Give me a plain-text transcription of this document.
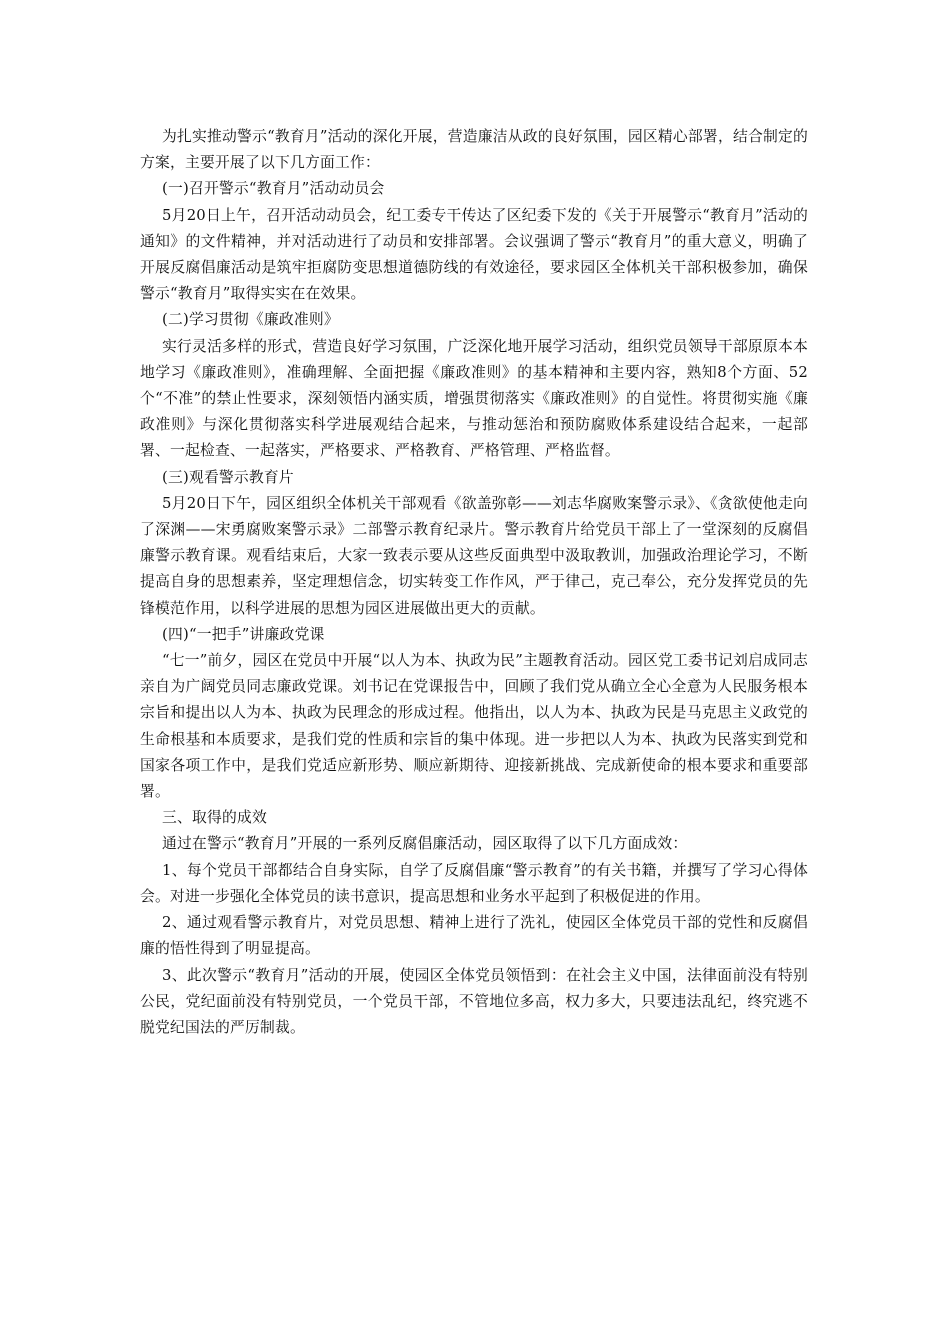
为扎实推动警示“教育月”活动的深化开展，营造廉洁从政的良好氛围，园区精心部署，结合制定的方案，主要开展了以下几方面工作：

(一)召开警示“教育月”活动动员会

5月20日上午，召开活动动员会，纪工委专干传达了区纪委下发的《关于开展警示“教育月”活动的通知》的文件精神，并对活动进行了动员和安排部署。会议强调了警示“教育月”的重大意义，明确了开展反腐倡廉活动是筑牢拒腐防变思想道德防线的有效途径，要求园区全体机关干部积极参加，确保警示“教育月”取得实实在在效果。

(二)学习贯彻《廉政准则》

实行灵活多样的形式，营造良好学习氛围，广泛深化地开展学习活动，组织党员领导干部原原本本地学习《廉政准则》，准确理解、全面把握《廉政准则》的基本精神和主要内容，熟知8个方面、52个“不准”的禁止性要求，深刻领悟内涵实质，增强贯彻落实《廉政准则》的自觉性。将贯彻实施《廉政准则》与深化贯彻落实科学进展观结合起来，与推动惩治和预防腐败体系建设结合起来，一起部署、一起检查、一起落实，严格要求、严格教育、严格管理、严格监督。

(三)观看警示教育片

5月20日下午，园区组织全体机关干部观看《欲盖弥彰——刘志华腐败案警示录》、《贪欲使他走向了深渊——宋勇腐败案警示录》二部警示教育纪录片。警示教育片给党员干部上了一堂深刻的反腐倡廉警示教育课。观看结束后，大家一致表示要从这些反面典型中汲取教训，加强政治理论学习，不断提高自身的思想素养，坚定理想信念，切实转变工作作风，严于律己，克己奉公，充分发挥党员的先锋模范作用，以科学进展的思想为园区进展做出更大的贡献。

(四)“一把手”讲廉政党课

“七一”前夕，园区在党员中开展“以人为本、执政为民”主题教育活动。园区党工委书记刘启成同志亲自为广阔党员同志廉政党课。刘书记在党课报告中，回顾了我们党从确立全心全意为人民服务根本宗旨和提出以人为本、执政为民理念的形成过程。他指出，以人为本、执政为民是马克思主义政党的生命根基和本质要求，是我们党的性质和宗旨的集中体现。进一步把以人为本、执政为民落实到党和国家各项工作中，是我们党适应新形势、顺应新期待、迎接新挑战、完成新使命的根本要求和重要部署。

三、取得的成效

通过在警示“教育月”开展的一系列反腐倡廉活动，园区取得了以下几方面成效：

1、每个党员干部都结合自身实际，自学了反腐倡廉“警示教育”的有关书籍，并撰写了学习心得体会。对进一步强化全体党员的读书意识，提高思想和业务水平起到了积极促进的作用。

2、通过观看警示教育片，对党员思想、精神上进行了洗礼，使园区全体党员干部的党性和反腐倡廉的悟性得到了明显提高。

3、此次警示“教育月”活动的开展，使园区全体党员领悟到：在社会主义中国，法律面前没有特别公民，党纪面前没有特别党员，一个党员干部，不管地位多高，权力多大，只要违法乱纪，终究逃不脱党纪国法的严厉制裁。
